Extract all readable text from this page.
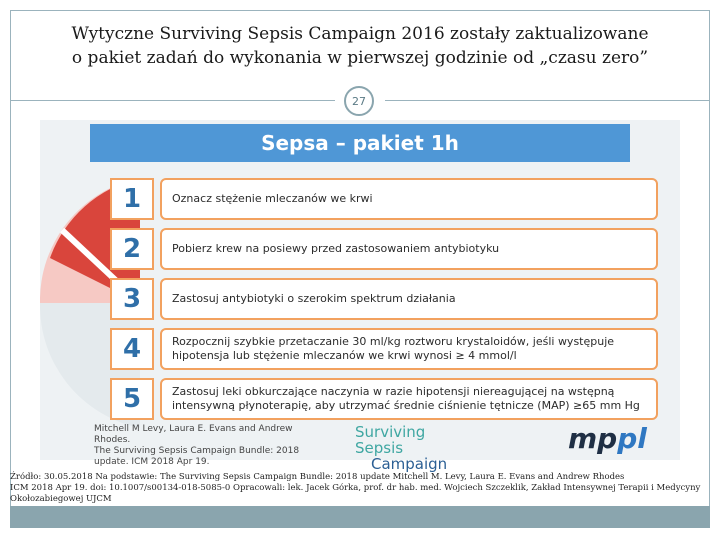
Wytyczne Surviving Sepsis Campaign 2016 zostały zaktualizowane
o pakiet zadań do wykonania w pierwszej godzinie od „czasu zero”
27
Sepsa – pakiet 1h
1	Oznacz stężenie mleczanów we krwi
2	Pobierz krew na posiewy przed zastosowaniem antybiotyku
3	Zastosuj antybiotyki o szerokim spektrum działania
4	Rozpocznij szybkie przetaczanie 30 ml/kg roztworu krystaloidów, jeśli występuje hipotensja lub stężenie mleczanów we krwi wynosi ≥ 4 mmol/l
5	Zastosuj leki obkurczające naczynia w razie hipotensji niereagującej na wstępną intensywną płynoterapię, aby utrzymać średnie ciśnienie tętnicze (MAP) ≥65 mm Hg
Mitchell M Levy, Laura E. Evans and Andrew Rhodes.
The Surviving Sepsis Campaign Bundle: 2018 update. ICM 2018 Apr 19.
Surviving Sepsis
Campaign
mppl
Źródło: 30.05.2018 Na podstawie: The Surviving Sepsis Campaign Bundle: 2018 update Mitchell M. Levy, Laura E. Evans and Andrew Rhodes
ICM 2018 Apr 19. doi: 10.1007/s00134-018-5085-0 Opracowali: lek. Jacek Górka, prof. dr hab. med. Wojciech Szczeklik, Zakład Intensywnej Terapii i Medycyny
Okołozabiegowej UJCM
